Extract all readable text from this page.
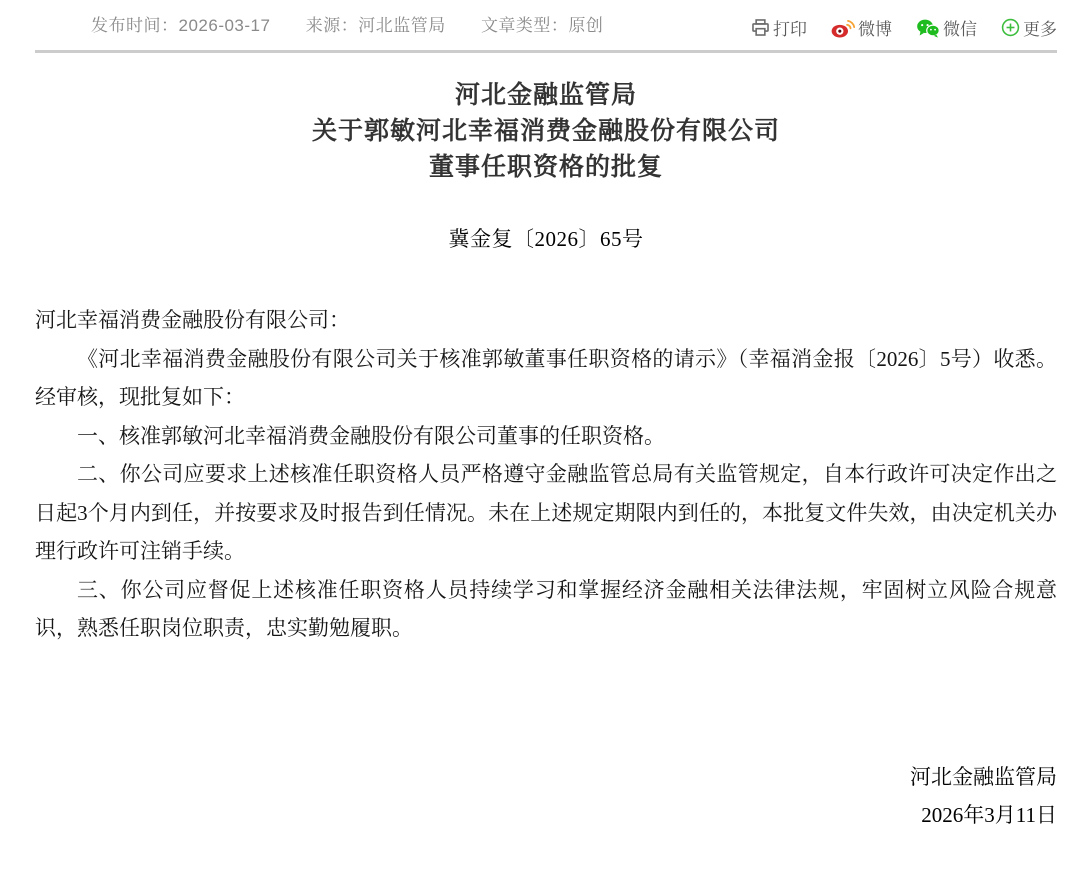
发布时间：2026-03-17 来源：河北监管局 文章类型：原创	打印	微博	微信	更多
河北金融监管局
关于郭敏河北幸福消费金融股份有限公司
董事任职资格的批复
冀金复〔2026〕65号

河北幸福消费金融股份有限公司：

《河北幸福消费金融股份有限公司关于核准郭敏董事任职资格的请示》（幸福消金报〔2026〕5号）收悉。经审核，现批复如下：

一、核准郭敏河北幸福消费金融股份有限公司董事的任职资格。

二、你公司应要求上述核准任职资格人员严格遵守金融监管总局有关监管规定，自本行政许可决定作出之日起3个月内到任，并按要求及时报告到任情况。未在上述规定期限内到任的，本批复文件失效，由决定机关办理行政许可注销手续。

三、你公司应督促上述核准任职资格人员持续学习和掌握经济金融相关法律法规，牢固树立风险合规意识，熟悉任职岗位职责，忠实勤勉履职。

河北金融监管局
2026年3月11日
